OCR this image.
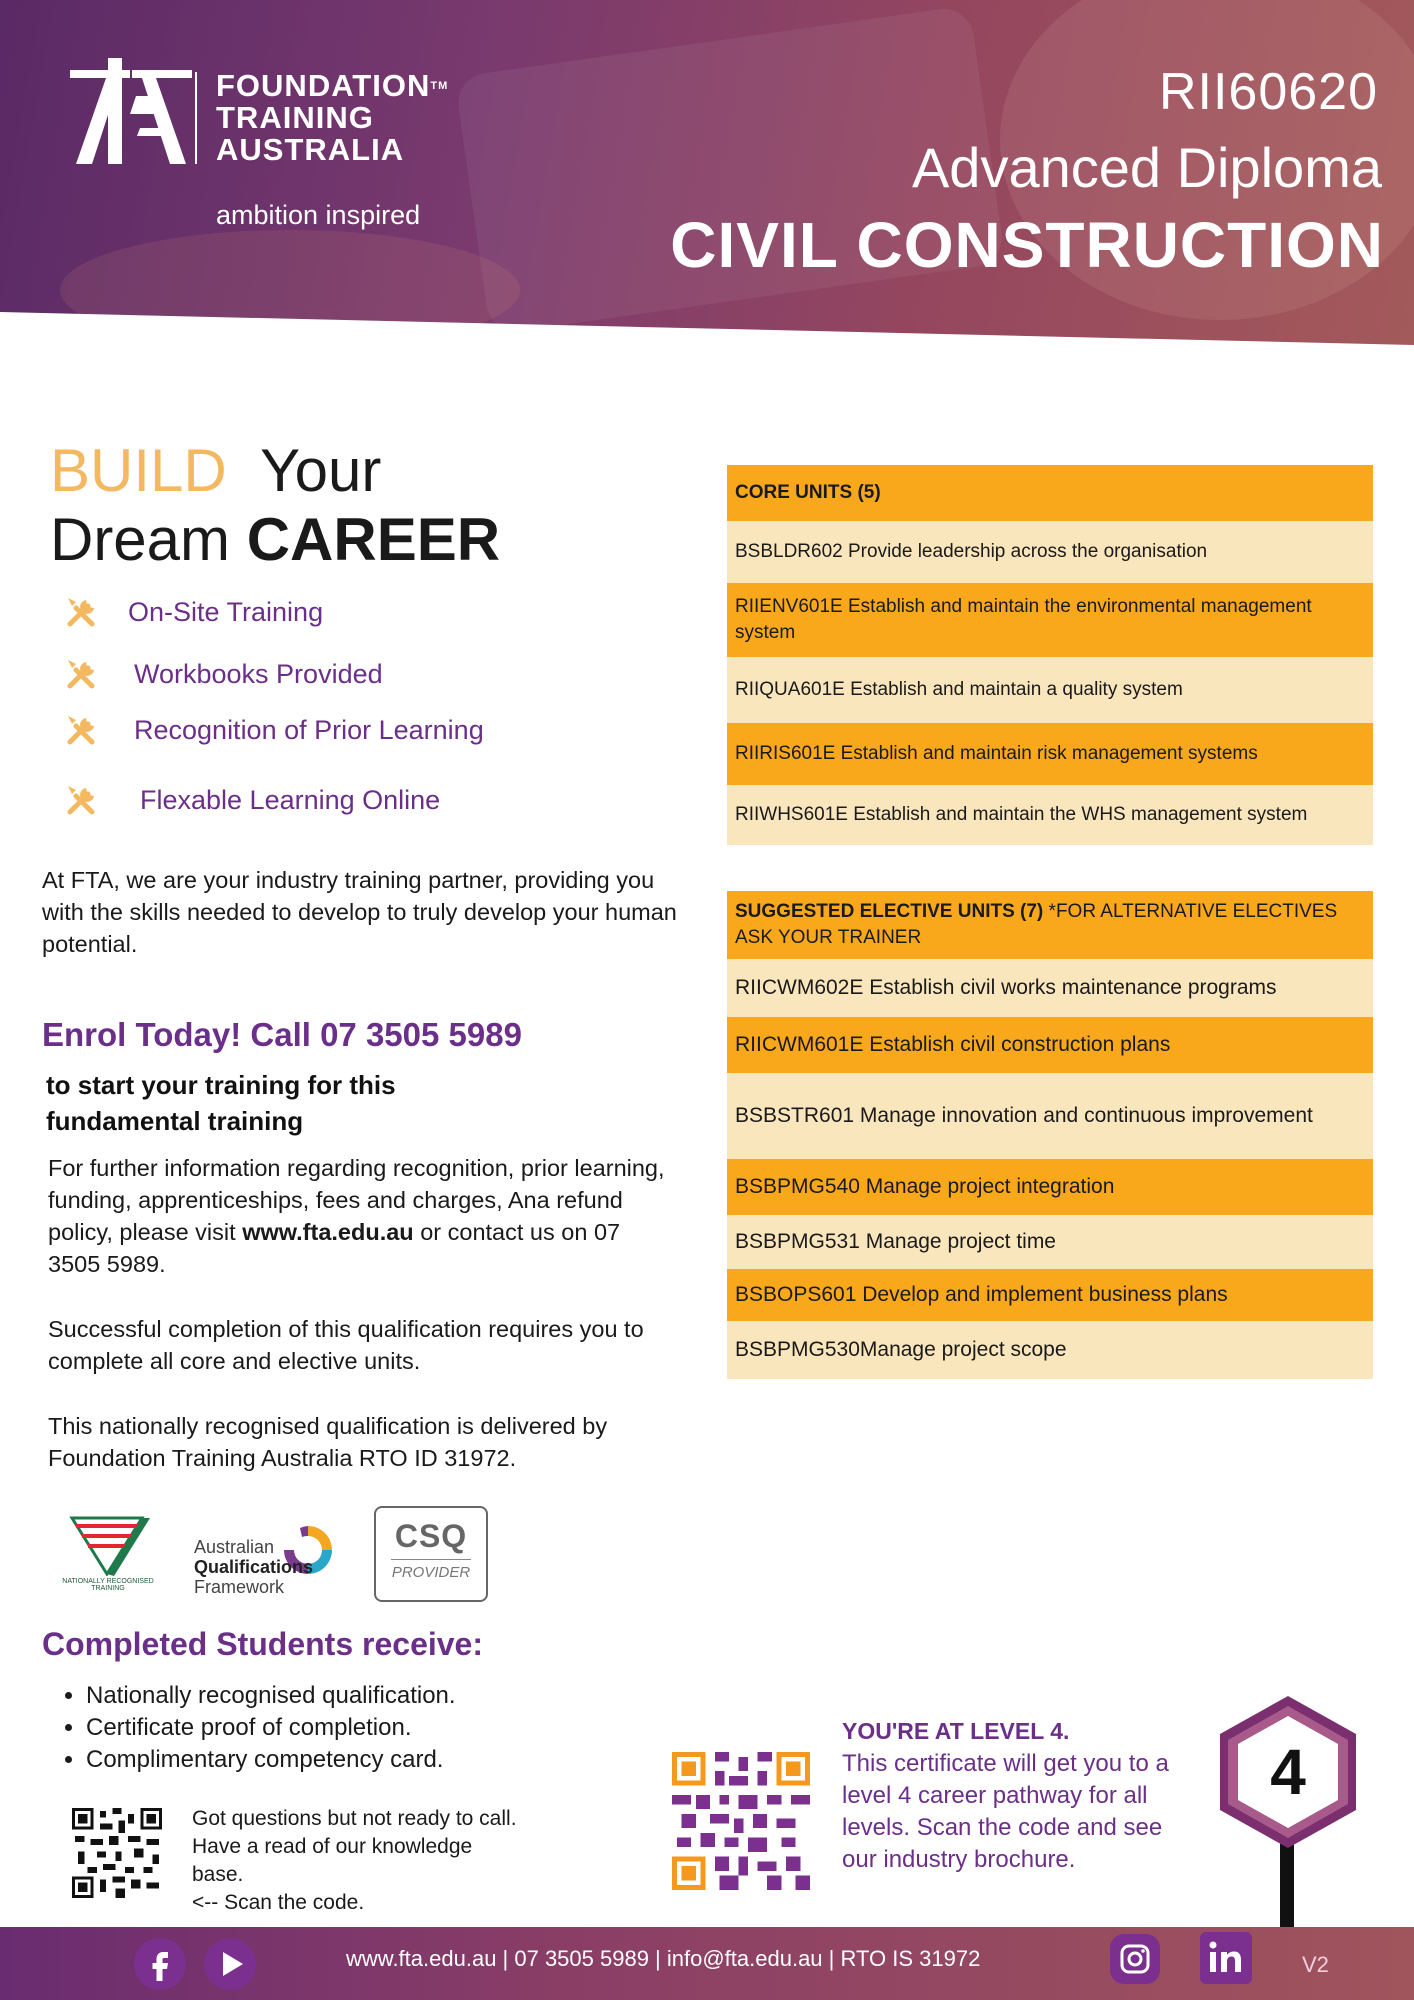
FOUNDATION™
TRAINING
AUSTRALIA
ambition inspired
RII60620
Advanced Diploma
CIVIL CONSTRUCTION
BUILD Your
Dream CAREER
On-Site Training
Workbooks Provided
Recognition of Prior Learning
Flexable Learning Online
At FTA, we are your industry training partner, providing you with the skills needed to develop to truly develop your human potential.
Enrol Today! Call 07 3505 5989
to start your training for this fundamental training
For further information regarding recognition, prior learning, funding, apprenticeships, fees and charges, Ana refund policy, please visit www.fta.edu.au or contact us on 07 3505 5989.
Successful completion of this qualification requires you to complete all core and elective units.
This nationally recognised qualification is delivered by Foundation Training Australia RTO ID 31972.
NATIONALLY RECOGNISED TRAINING
Australian
Qualifications
Framework
CSQ
PROVIDER
Completed Students receive:
• Nationally recognised qualification.
• Certificate proof of completion.
• Complimentary competency card.
Got questions but not ready to call.
Have a read of our knowledge
base.
<-- Scan the code.
CORE UNITS (5)
BSBLDR602 Provide leadership across the organisation
RIIENV601E Establish and maintain the environmental management system
RIIQUA601E Establish and maintain a quality system
RIIRIS601E Establish and maintain risk management systems
RIIWHS601E Establish and maintain the WHS management system
SUGGESTED ELECTIVE UNITS (7) *FOR ALTERNATIVE ELECTIVES ASK YOUR TRAINER
RIICWM602E Establish civil works maintenance programs
RIICWM601E Establish civil construction plans
BSBSTR601 Manage innovation and continuous improvement
BSBPMG540 Manage project integration
BSBPMG531 Manage project time
BSBOPS601 Develop and implement business plans
BSBPMG530Manage project scope
YOU'RE AT LEVEL 4.
This certificate will get you to a level 4 career pathway for all levels. Scan the code and see our industry brochure.
4
www.fta.edu.au | 07 3505 5989 | info@fta.edu.au | RTO IS 31972	V2
